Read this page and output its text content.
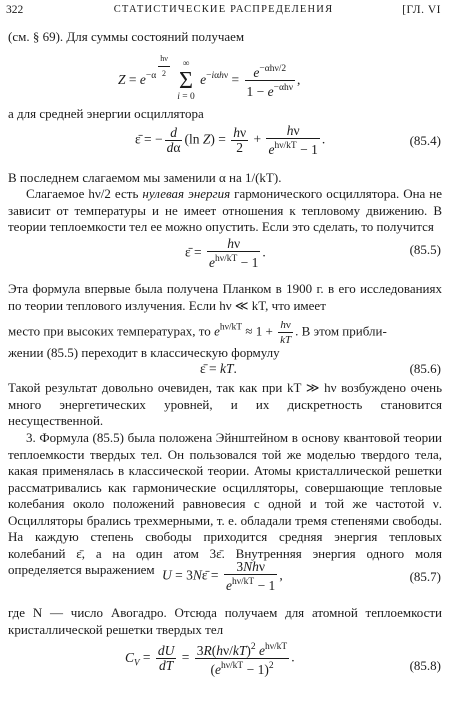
322	СТАТИСТИЧЕСКИЕ РАСПРЕДЕЛЕНИЯ	[ГЛ. VI

(см. § 69). Для суммы состояний получаем

$Z = e^{-\alpha \frac{h\nu}{2}}$
	∞
Σ
i = 0
$e^{-i\alpha h\nu} = \frac{e^{-\alpha h\nu/2}}{1 - e^{-\alpha h\nu}}$ ,

а для средней энергии осциллятора

ε̄ = − $\frac{d}{d\alpha} (\ln$ $Z) = \frac{h\nu}{2} + \frac{h\nu}{e^{h\nu/kT} - 1}$ .	(85.4)

В последнем слагаемом мы заменили α на 1/(kT).

Слагаемое hν/2 есть нулевая энергия гармонического осциллятора. Она не зависит от температуры и не имеет отношения к тепловому движению. В теории теплоемкости тел ее можно опустить. Если это сделать, то получится

ε̄ = $\frac{h\nu}{e^{h\nu/kT} - 1}$ .	(85.5)

Эта формула впервые была получена Планком в 1900 г. в его исследованиях по теории теплового излучения. Если hν ≪ kT, что имеет

место при высоких температурах, то $e^{h\nu/kT} \approx 1 + \frac{h\nu}{kT}$ . В этом прибли-

жении (85.5) переходит в классическую формулу

ε̄ = kT.	(85.6)

Такой результат довольно очевиден, так как при kT ≫ hν возбуждено очень много энергетических уровней, и их дискретность становится несущественной.

3. Формула (85.5) была положена Эйнштейном в основу квантовой теории теплоемкости твердых тел. Он пользовался той же моделью твердого тела, какая применялась в классической теории. Атомы кристаллической решетки рассматривались как гармонические осцилляторы, совершающие тепловые колебания около положений равновесия с одной и той же частотой ν. Осцилляторы брались трехмерными, т. е. обладали тремя степенями свободы. На каждую степень свободы приходится средняя энергия тепловых колебаний ε̄, а на один атом 3ε̄. Внутренняя энергия одного моля определяется выражением U = 3Nε̄ = $\frac{\text{3Nhν}}{e^{h\nu/kT} - 1}$ ,	(85.7)

где N — число Авогадро. Отсюда получаем для атомной теплоемкости кристаллической решетки твердых тел

$C_V = \frac{dU}{dT} = \frac{3R(h\nu/kT)^2 e^{h\nu/kT}}{(e^{h\nu/kT} - 1)^2}$ .
(85.8)
